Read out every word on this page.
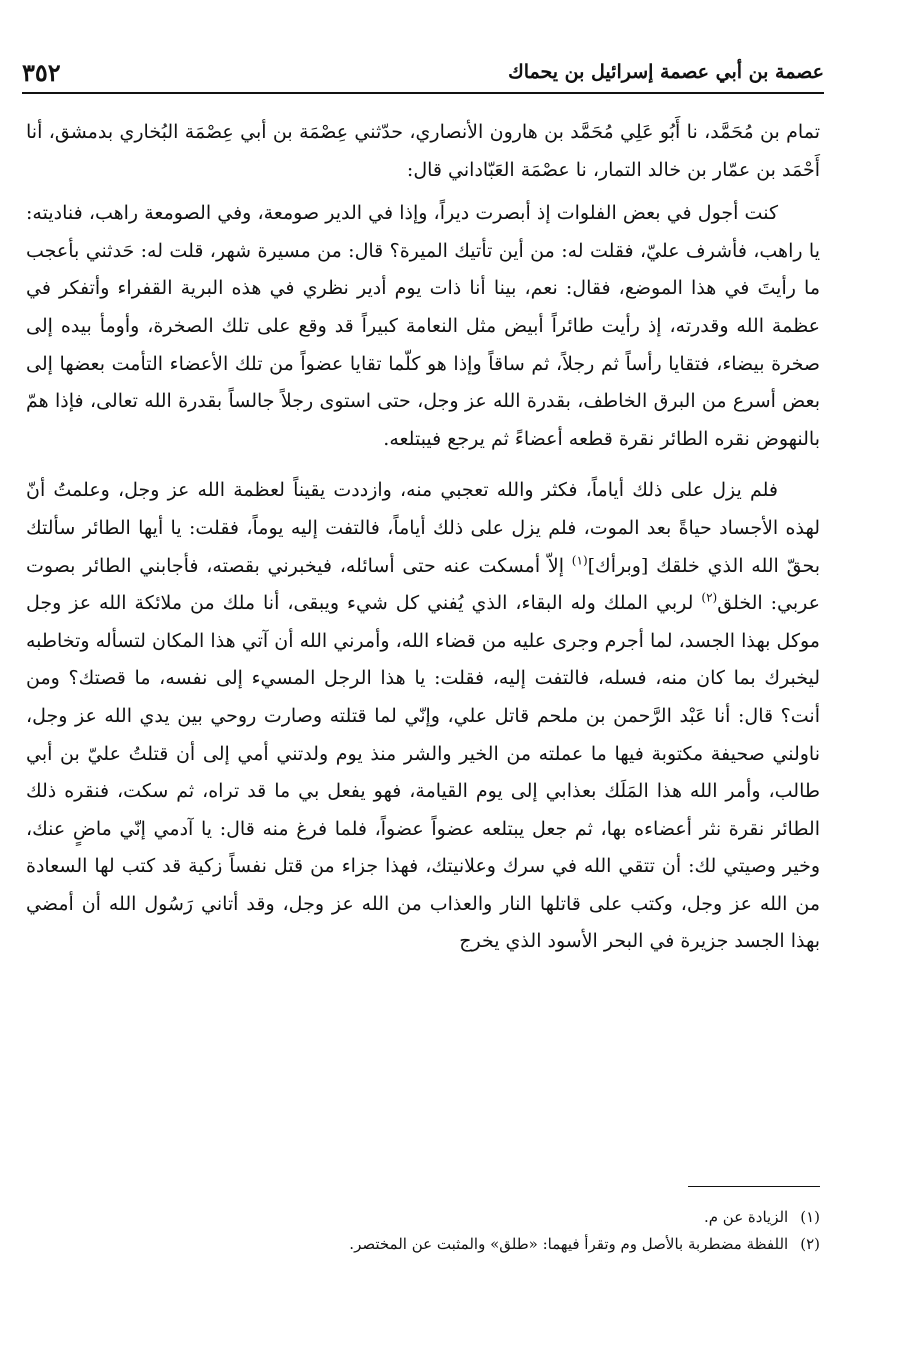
عصمة بن أبي عصمة إسرائيل بن يحماك
٣٥٢

تمام بن مُحَمَّد، نا أَبُو عَلِي مُحَمَّد بن هارون الأنصاري، حدّثني عِصْمَة بن أبي عِصْمَة البُخاري بدمشق، أنا أَحْمَد بن عمّار بن خالد التمار، نا عصْمَة العَبّاداني قال:

كنت أجول في بعض الفلوات إذ أبصرت ديراً، وإذا في الدير صومعة، وفي الصومعة راهب، فناديته: يا راهب، فأشرف عليّ، فقلت له: من أين تأتيك الميرة؟ قال: من مسيرة شهر، قلت له: حَدثني بأعجب ما رأيتَ في هذا الموضع، فقال: نعم، بينا أنا ذات يوم أدير نظري في هذه البرية القفراء وأتفكر في عظمة الله وقدرته، إذ رأيت طائراً أبيض مثل النعامة كبيراً قد وقع على تلك الصخرة، وأومأ بيده إلى صخرة بيضاء، فتقايا رأساً ثم رجلاً، ثم ساقاً وإذا هو كلّما تقايا عضواً من تلك الأعضاء التأمت بعضها إلى بعض أسرع من البرق الخاطف، بقدرة الله عز وجل، حتى استوى رجلاً جالساً بقدرة الله تعالى، فإذا همّ بالنهوض نقره الطائر نقرة قطعه أعضاءً ثم يرجع فيبتلعه.

فلم يزل على ذلك أياماً، فكثر والله تعجبي منه، وازددت يقيناً لعظمة الله عز وجل، وعلمتُ أنّ لهذه الأجساد حياةً بعد الموت، فلم يزل على ذلك أياماً، فالتفت إليه يوماً، فقلت: يا أيها الطائر سألتك بحقّ الله الذي خلقك [وبرأك]$^{(١)}$ إلاّ أمسكت عنه حتى أسائله، فيخبرني بقصته، فأجابني الطائر بصوت عربي: الخلق$^{(٢)}$ لربي الملك وله البقاء، الذي يُفني كل شيء ويبقى، أنا ملك من ملائكة الله عز وجل موكل بهذا الجسد، لما أجرم وجرى عليه من قضاء الله، وأمرني الله أن آتي هذا المكان لتسأله وتخاطبه ليخبرك بما كان منه، فسله، فالتفت إليه، فقلت: يا هذا الرجل المسيء إلى نفسه، ما قصتك؟ ومن أنت؟ قال: أنا عَبْد الرَّحمن بن ملحم قاتل علي، وإنّي لما قتلته وصارت روحي بين يدي الله عز وجل، ناولني صحيفة مكتوبة فيها ما عملته من الخير والشر منذ يوم ولدتني أمي إلى أن قتلتُ عليّ بن أبي طالب، وأمر الله هذا المَلَك بعذابي إلى يوم القيامة، فهو يفعل بي ما قد تراه، ثم سكت، فنقره ذلك الطائر نقرة نثر أعضاءه بها، ثم جعل يبتلعه عضواً عضواً، فلما فرغ منه قال: يا آدمي إنّي ماضٍ عنك، وخير وصيتي لك: أن تتقي الله في سرك وعلانيتك، فهذا جزاء من قتل نفساً زكية قد كتب لها السعادة من الله عز وجل، وكتب على قاتلها النار والعذاب من الله عز وجل، وقد أتاني رَسُول الله أن أمضي بهذا الجسد جزيرة في البحر الأسود الذي يخرج

(١)
الزيادة عن م.
(٢)
اللفظة مضطربة بالأصل وم وتقرأ فيهما: «طلق» والمثبت عن المختصر.
